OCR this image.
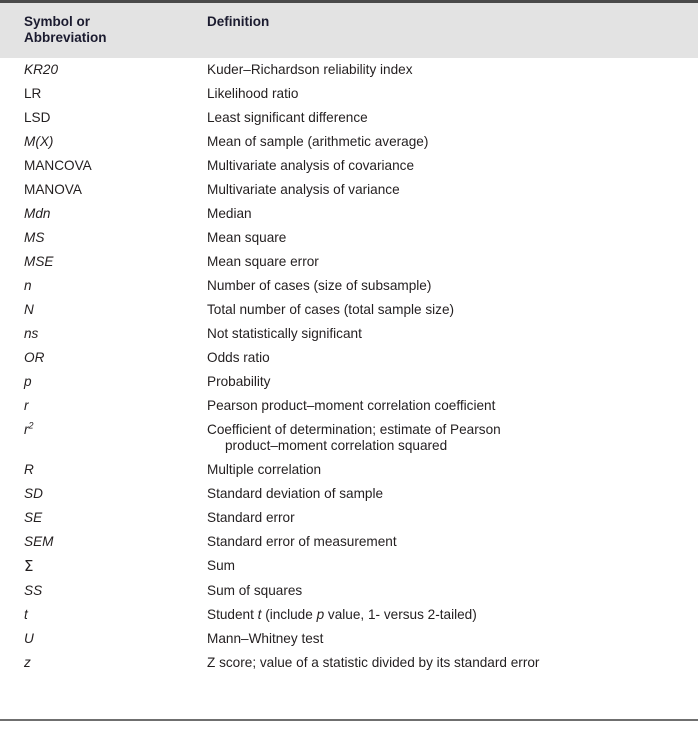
Symbol or
Abbreviation	Definition
KR20	Kuder–Richardson reliability index
LR	Likelihood ratio
LSD	Least significant difference
M(X)	Mean of sample (arithmetic average)
MANCOVA	Multivariate analysis of covariance
MANOVA	Multivariate analysis of variance
Mdn	Median
MS	Mean square
MSE	Mean square error
n	Number of cases (size of subsample)
N	Total number of cases (total sample size)
ns	Not statistically significant
OR	Odds ratio
p	Probability
r	Pearson product–moment correlation coefficient
$r^2$	Coefficient of determination; estimate of Pearson
product–moment correlation squared

R	Multiple correlation
SD	Standard deviation of sample
SE	Standard error
SEM	Standard error of measurement
Σ	Sum
SS	Sum of squares
t	Student t (include p value, 1- versus 2-tailed)
U	Mann–Whitney test
z	Z score; value of a statistic divided by its standard error
